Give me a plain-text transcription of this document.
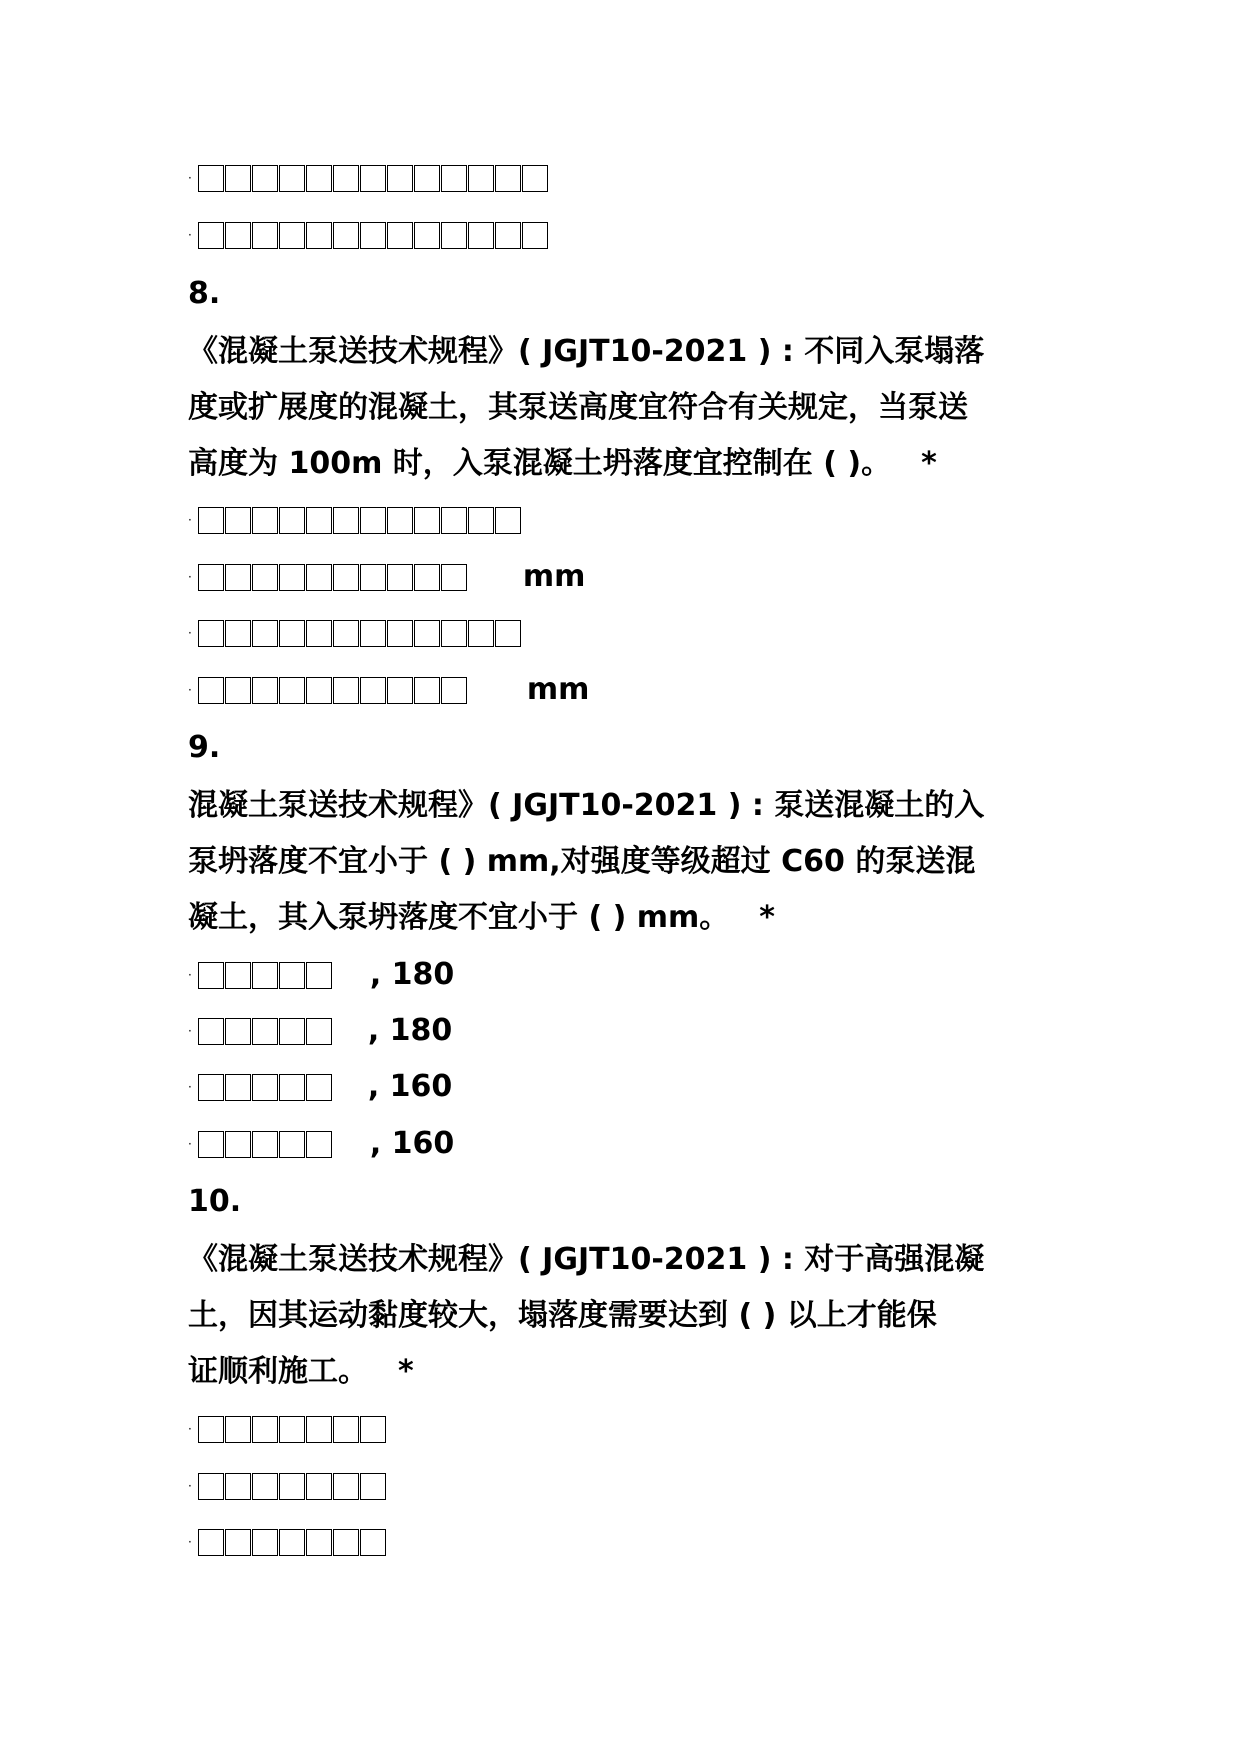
·
·
8.
《混凝土泵送技术规程》( JGJT10-2021 ) : 不同入泵塌落
度或扩展度的混凝土，其泵送高度宜符合有关规定，当泵送
高度为 100m 时，入泵混凝土坍落度宜控制在 ( )。 *
·
·	mm
·
·	mm
9.
混凝土泵送技术规程》( JGJT10-2021 ) : 泵送混凝土的入
泵坍落度不宜小于 ( ) mm,对强度等级超过 C60 的泵送混
凝土，其入泵坍落度不宜小于 ( ) mm。 *
·	, 180
·	, 180
·	, 160
·	, 160
10.
《混凝土泵送技术规程》( JGJT10-2021 ) : 对于高强混凝
土，因其运动黏度较大，塌落度需要达到 ( ) 以上才能保
证顺利施工。 *
·
·
·
